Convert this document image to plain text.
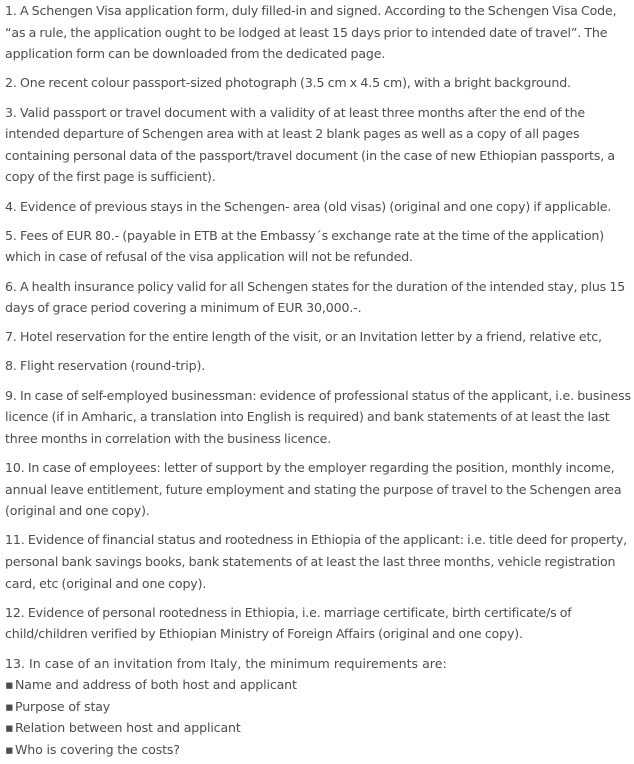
1. A Schengen Visa application form, duly filled-in and signed. According to the Schengen Visa Code, “as a rule, the application ought to be lodged at least 15 days prior to intended date of travel”. The application form can be downloaded from the dedicated page.

2. One recent colour passport-sized photograph (3.5 cm x 4.5 cm), with a bright background.

3. Valid passport or travel document with a validity of at least three months after the end of the intended departure of Schengen area with at least 2 blank pages as well as a copy of all pages containing personal data of the passport/travel document (in the case of new Ethiopian passports, a copy of the first page is sufficient).

4. Evidence of previous stays in the Schengen- area (old visas) (original and one copy) if applicable.

5. Fees of EUR 80.- (payable in ETB at the Embassy´s exchange rate at the time of the application) which in case of refusal of the visa application will not be refunded.

6. A health insurance policy valid for all Schengen states for the duration of the intended stay, plus 15 days of grace period covering a minimum of EUR 30,000.-.

7. Hotel reservation for the entire length of the visit, or an Invitation letter by a friend, relative etc,

8. Flight reservation (round-trip).

9. In case of self-employed businessman: evidence of professional status of the applicant, i.e. business licence (if in Amharic, a translation into English is required) and bank statements of at least the last three months in correlation with the business licence.

10. In case of employees: letter of support by the employer regarding the position, monthly income, annual leave entitlement, future employment and stating the purpose of travel to the Schengen area (original and one copy).

11. Evidence of financial status and rootedness in Ethiopia of the applicant: i.e. title deed for property, personal bank savings books, bank statements of at least the last three months, vehicle registration card, etc (original and one copy).

12. Evidence of personal rootedness in Ethiopia, i.e. marriage certificate, birth certificate/s of child/children verified by Ethiopian Ministry of Foreign Affairs (original and one copy).

13. In case of an invitation from Italy, the minimum requirements are:
▪ Name and address of both host and applicant
▪ Purpose of stay
▪ Relation between host and applicant
▪ Who is covering the costs?
